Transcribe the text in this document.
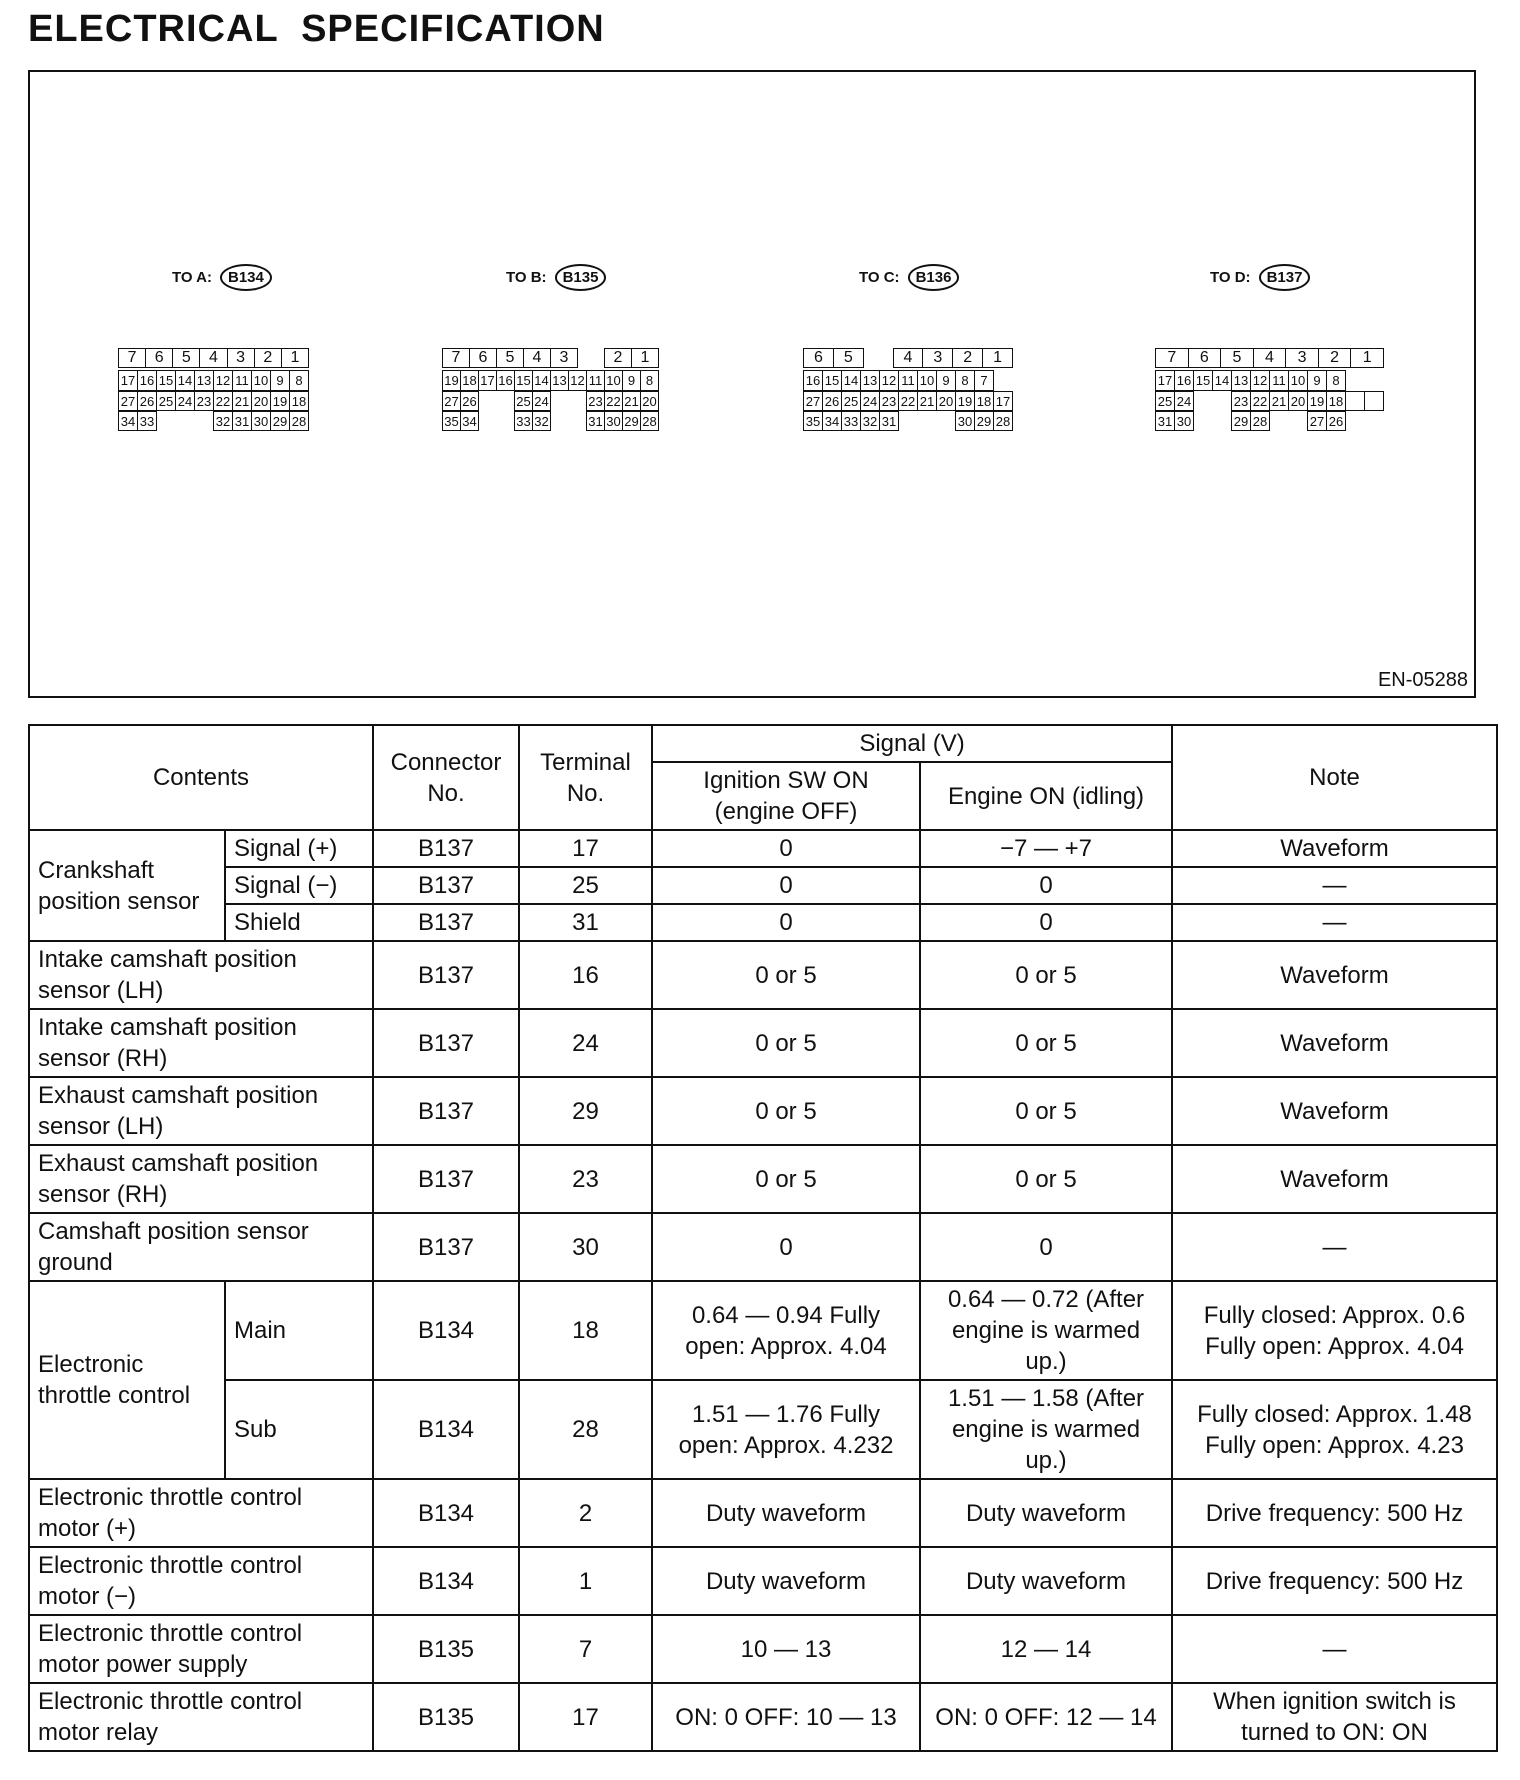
ELECTRICAL  SPECIFICATION
TO A:	B134	TO B:	B135	TO C:	B136	TO D:	B137
EN-05288
7	6	5	4	3	2	1
17 16 15 14 13 12 11 10 9 8
27 26 25 24 23 22 21 20 19 18
34 33	32 31 30 29 28
7	6	5	4	3	2	1
19 18 17 16 15 14 13 12 11 10 9 8
27 26	25 24	23 22 21 20
35 34	33 32	31 30 29 28
6	5	4	3	2	1
16 15 14 13 12 11 10 9 8 7
27 26 25 24 23 22 21 20 19 18 17
35 34 33 32 31	30 29 28
7	6	5	4	3	2	1
17 16 15 14 13 12 11 10 9 8
25 24	23 22 21 20 19 18
31 30	29 28	27 26
Contents		Connector No.	Terminal No.	Signal (V)		Note
				Ignition SW ON (engine OFF)	Engine ON (idling)	
Crankshaft position sensor	Signal (+)	B137	17	0	−7 — +7	Waveform
	Signal (−)	B137	25	0	0	—
	Shield	B137	31	0	0	—
Intake camshaft position sensor (LH)		B137	16	0 or 5	0 or 5	Waveform
Intake camshaft position sensor (RH)		B137	24	0 or 5	0 or 5	Waveform
Exhaust camshaft position sensor (LH)		B137	29	0 or 5	0 or 5	Waveform
Exhaust camshaft position sensor (RH)		B137	23	0 or 5	0 or 5	Waveform
Camshaft position sensor ground		B137	30	0	0	—
Electronic throttle control	Main	B134	18	0.64 — 0.94 Fully open: Approx. 4.04	0.64 — 0.72 (After engine is warmed up.)	Fully closed: Approx. 0.6 Fully open: Approx. 4.04
	Sub	B134	28	1.51 — 1.76 Fully open: Approx. 4.232	1.51 — 1.58 (After engine is warmed up.)	Fully closed: Approx. 1.48 Fully open: Approx. 4.23
Electronic throttle control motor (+)		B134	2	Duty waveform	Duty waveform	Drive frequency: 500 Hz
Electronic throttle control motor (−)		B134	1	Duty waveform	Duty waveform	Drive frequency: 500 Hz
Electronic throttle control motor power supply		B135	7	10 — 13	12 — 14	—
Electronic throttle control motor relay		B135	17	ON: 0 OFF: 10 — 13	ON: 0 OFF: 12 — 14	When ignition switch is turned to ON: ON
